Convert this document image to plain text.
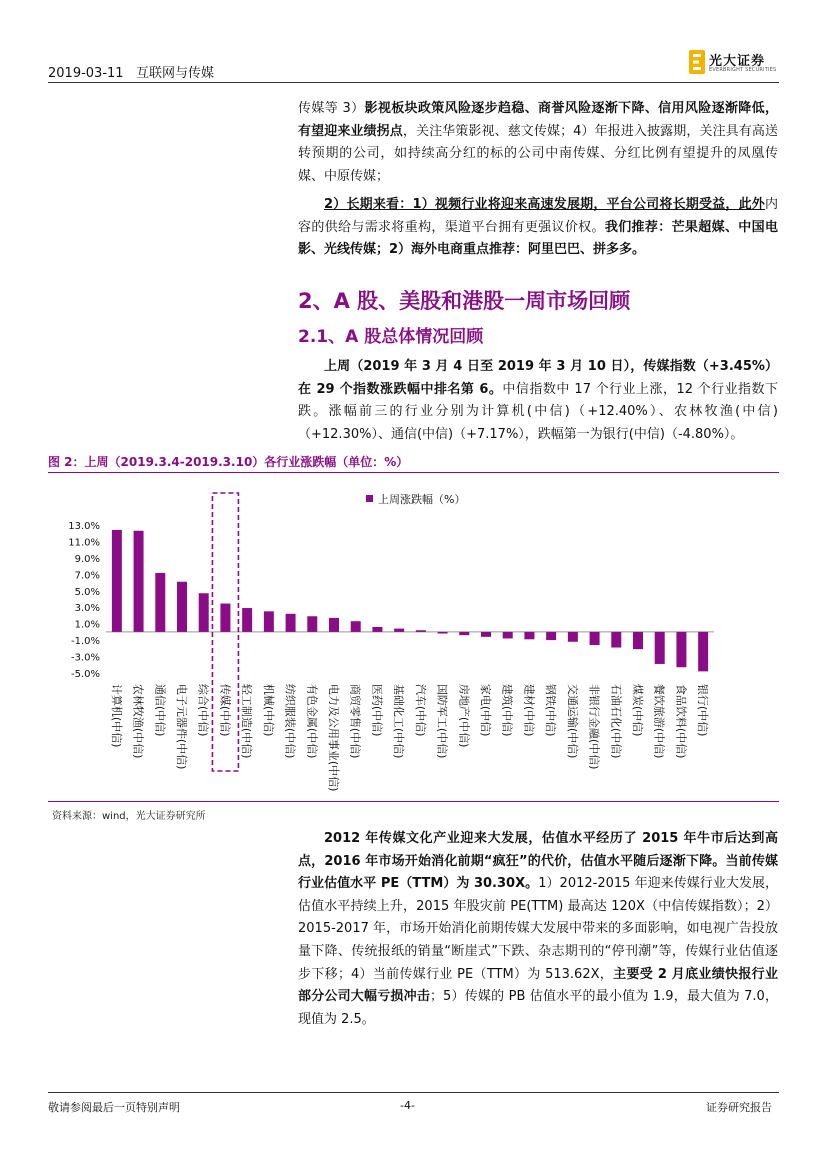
2019-03-11   互联网与传媒
光大证券
EVERBRIGHT SECURITIES
传媒等 3）影视板块政策风险逐步趋稳、商誉风险逐渐下降、信用风险逐渐降低，有望迎来业绩拐点，关注华策影视、慈文传媒；4）年报进入披露期，关注具有高送转预期的公司，如持续高分红的标的公司中南传媒、分红比例有望提升的凤凰传媒、中原传媒；
2）长期来看：1）视频行业将迎来高速发展期，平台公司将长期受益，此外内容的供给与需求将重构，渠道平台拥有更强议价权。我们推荐：芒果超媒、中国电影、光线传媒；2）海外电商重点推荐：阿里巴巴、拼多多。
2、A 股、美股和港股一周市场回顾
2.1、A 股总体情况回顾
上周（2019 年 3 月 4 日至 2019 年 3 月 10 日），传媒指数（+3.45%）在 29 个指数涨跌幅中排名第 6。中信指数中 17 个行业上涨，12 个行业指数下跌。涨幅前三的行业分别为计算机(中信)（+12.40%）、农林牧渔(中信)（+12.30%）、通信(中信)（+7.17%），跌幅第一为银行(中信)（-4.80%）。
图 2：上周（2019.3.4-2019.3.10）各行业涨跌幅（单位：%）
上周涨跌幅（%）
13.0%
11.0%
9.0%
7.0%
5.0%
3.0%
1.0%
-1.0%
-3.0%
-5.0%
计算机(中信) 农林牧渔(中信) 通信(中信) 电子元器件(中信) 综合(中信) 传媒(中信) 轻工制造(中信) 机械(中信) 纺织服装(中信) 有色金属(中信) 电力及公用事业(中信) 商贸零售(中信) 医药(中信) 基础化工(中信) 汽车(中信) 国防军工(中信) 房地产(中信) 家电(中信) 建筑(中信) 建材(中信) 钢铁(中信) 交通运输(中信) 非银行金融(中信) 石油石化(中信) 煤炭(中信) 餐饮旅游(中信) 食品饮料(中信) 银行(中信)
资料来源：wind，光大证券研究所
2012 年传媒文化产业迎来大发展，估值水平经历了 2015 年牛市后达到高点，2016 年市场开始消化前期“疯狂”的代价，估值水平随后逐渐下降。当前传媒行业估值水平 PE（TTM）为 30.30X。1）2012-2015 年迎来传媒行业大发展，估值水平持续上升，2015 年股灾前 PE(TTM) 最高达 120X（中信传媒指数）；2）2015-2017 年，市场开始消化前期传媒大发展中带来的多面影响，如电视广告投放量下降、传统报纸的销量“断崖式”下跌、杂志期刊的“停刊潮”等，传媒行业估值逐步下移；4）当前传媒行业 PE（TTM）为 513.62X，主要受 2 月底业绩快报行业部分公司大幅亏损冲击；5）传媒的 PB 估值水平的最小值为 1.9，最大值为 7.0，现值为 2.5。
敬请参阅最后一页特别声明	-4-	证券研究报告
